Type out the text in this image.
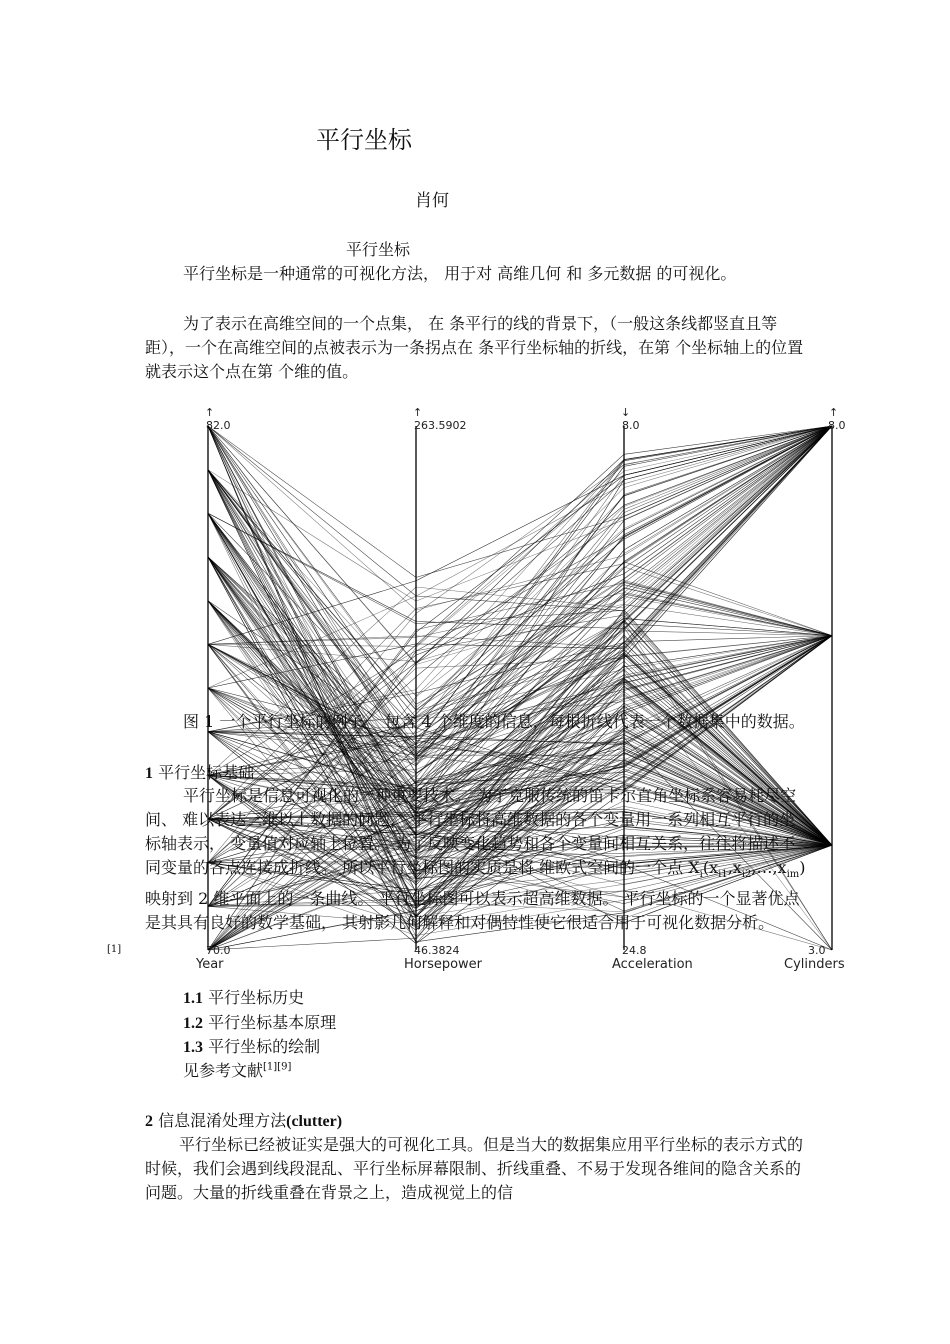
平行坐标
肖何
平行坐标
平行坐标是一种通常的可视化方法， 用于对 高维几何 和 多元数据 的可视化。
为了表示在高维空间的一个点集， 在 条平行的线的背景下，（一般这条线都竖直且等距），一个在高维空间的点被表示为一条拐点在 条平行坐标轴的折线，在第 个坐标轴上的位置就表示这个点在第 个维的值。
↑
82.0
70.0
Year
↑
263.5902
46.3824
Horsepower
↓
8.0
24.8
Acceleration
↑
8.0
3.0
Cylinders
图 1 一个平行坐标的例子。 包含 4 个维度的信息，每根折线代表一个数据集中的数据。
1 平行坐标基础
平行坐标是信息可视化的一种重要技术。 为了克服传统的笛卡尔直角坐标系容易耗尽空间、 难以表达三维以上数据的问题， 平行坐标将高维数据的各个变量用一系列相互平行的坐标轴表示， 变量值对应轴上位置。 为了反映变化趋势和各个变量间相互关系，往往将描述不同变量的各点连接成折线。 所以平行坐标图的实质是将 维欧式空间的一个点 $X_i(x_{i1},x_{i2},\dots,x_{im})$ 映射到 2 维平面上的一条曲线。 平行坐标图可以表示超高维数据。 平行坐标的一个显著优点是其具有良好的数学基础， 其射影几何解释和对偶特性使它很适合用于可视化数据分析。
[1]
1.1 平行坐标历史
1.2 平行坐标基本原理
1.3 平行坐标的绘制
见参考文献[1][9]
2 信息混淆处理方法(clutter)
平行坐标已经被证实是强大的可视化工具。但是当大的数据集应用平行坐标的表示方式的时候，我们会遇到线段混乱、平行坐标屏幕限制、折线重叠、不易于发现各维间的隐含关系的问题。大量的折线重叠在背景之上，造成视觉上的信
